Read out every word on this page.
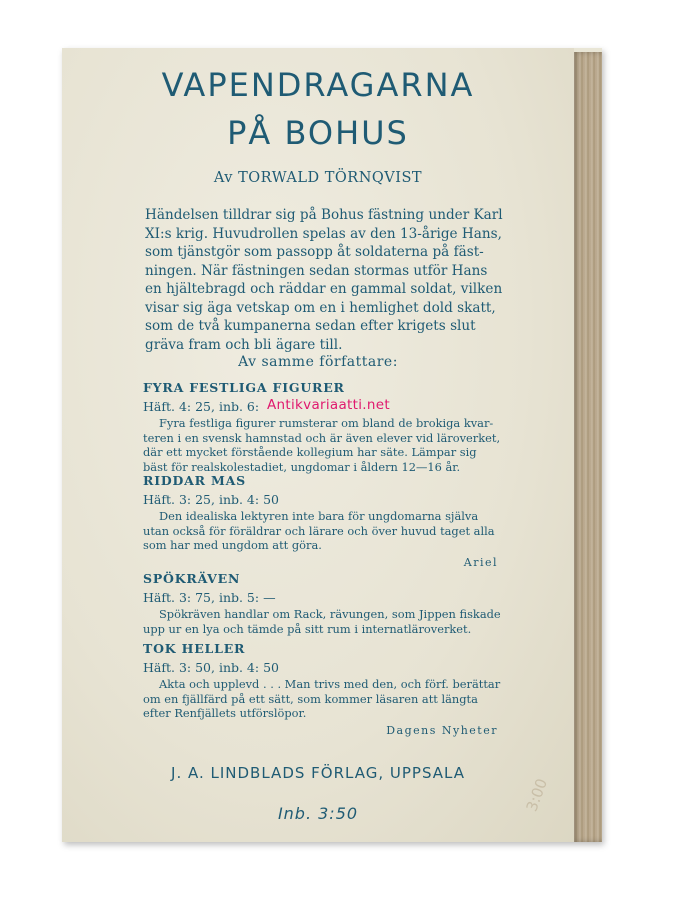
VAPENDRAGARNA
PÅ BOHUS
Av TORWALD TÖRNQVIST
Händelsen tilldrar sig på Bohus fästning under Karl
XI:s krig. Huvudrollen spelas av den 13-årige Hans,
som tjänstgör som passopp åt soldaterna på fäst-
ningen. När fästningen sedan stormas utför Hans
en hjältebragd och räddar en gammal soldat, vilken
visar sig äga vetskap om en i hemlighet dold skatt,
som de två kumpanerna sedan efter krigets slut
gräva fram och bli ägare till.
Av samme författare:
FYRA FESTLIGA FIGURER
Häft. 4: 25, inb. 6:
Fyra festliga figurer rumsterar om bland de brokiga kvar-
teren i en svensk hamnstad och är även elever vid läroverket,
där ett mycket förstående kollegium har säte. Lämpar sig
bäst för realskolestadiet, ungdomar i åldern 12—16 år.
RIDDAR MAS
Häft. 3: 25, inb. 4: 50
Den idealiska lektyren inte bara för ungdomarna själva
utan också för föräldrar och lärare och över huvud taget alla
som har med ungdom att göra.
Ariel
SPÖKRÄVEN
Häft. 3: 75, inb. 5: —
Spökräven handlar om Rack, rävungen, som Jippen fiskade
upp ur en lya och tämde på sitt rum i internatläroverket.
TOK HELLER
Häft. 3: 50, inb. 4: 50
Akta och upplevd . . . Man trivs med den, och förf. berättar
om en fjällfärd på ett sätt, som kommer läsaren att längta
efter Renfjällets utförslöpor.
Dagens Nyheter
Antikvariaatti.net
J. A. LINDBLADS FÖRLAG, UPPSALA
Inb. 3:50	3:00
